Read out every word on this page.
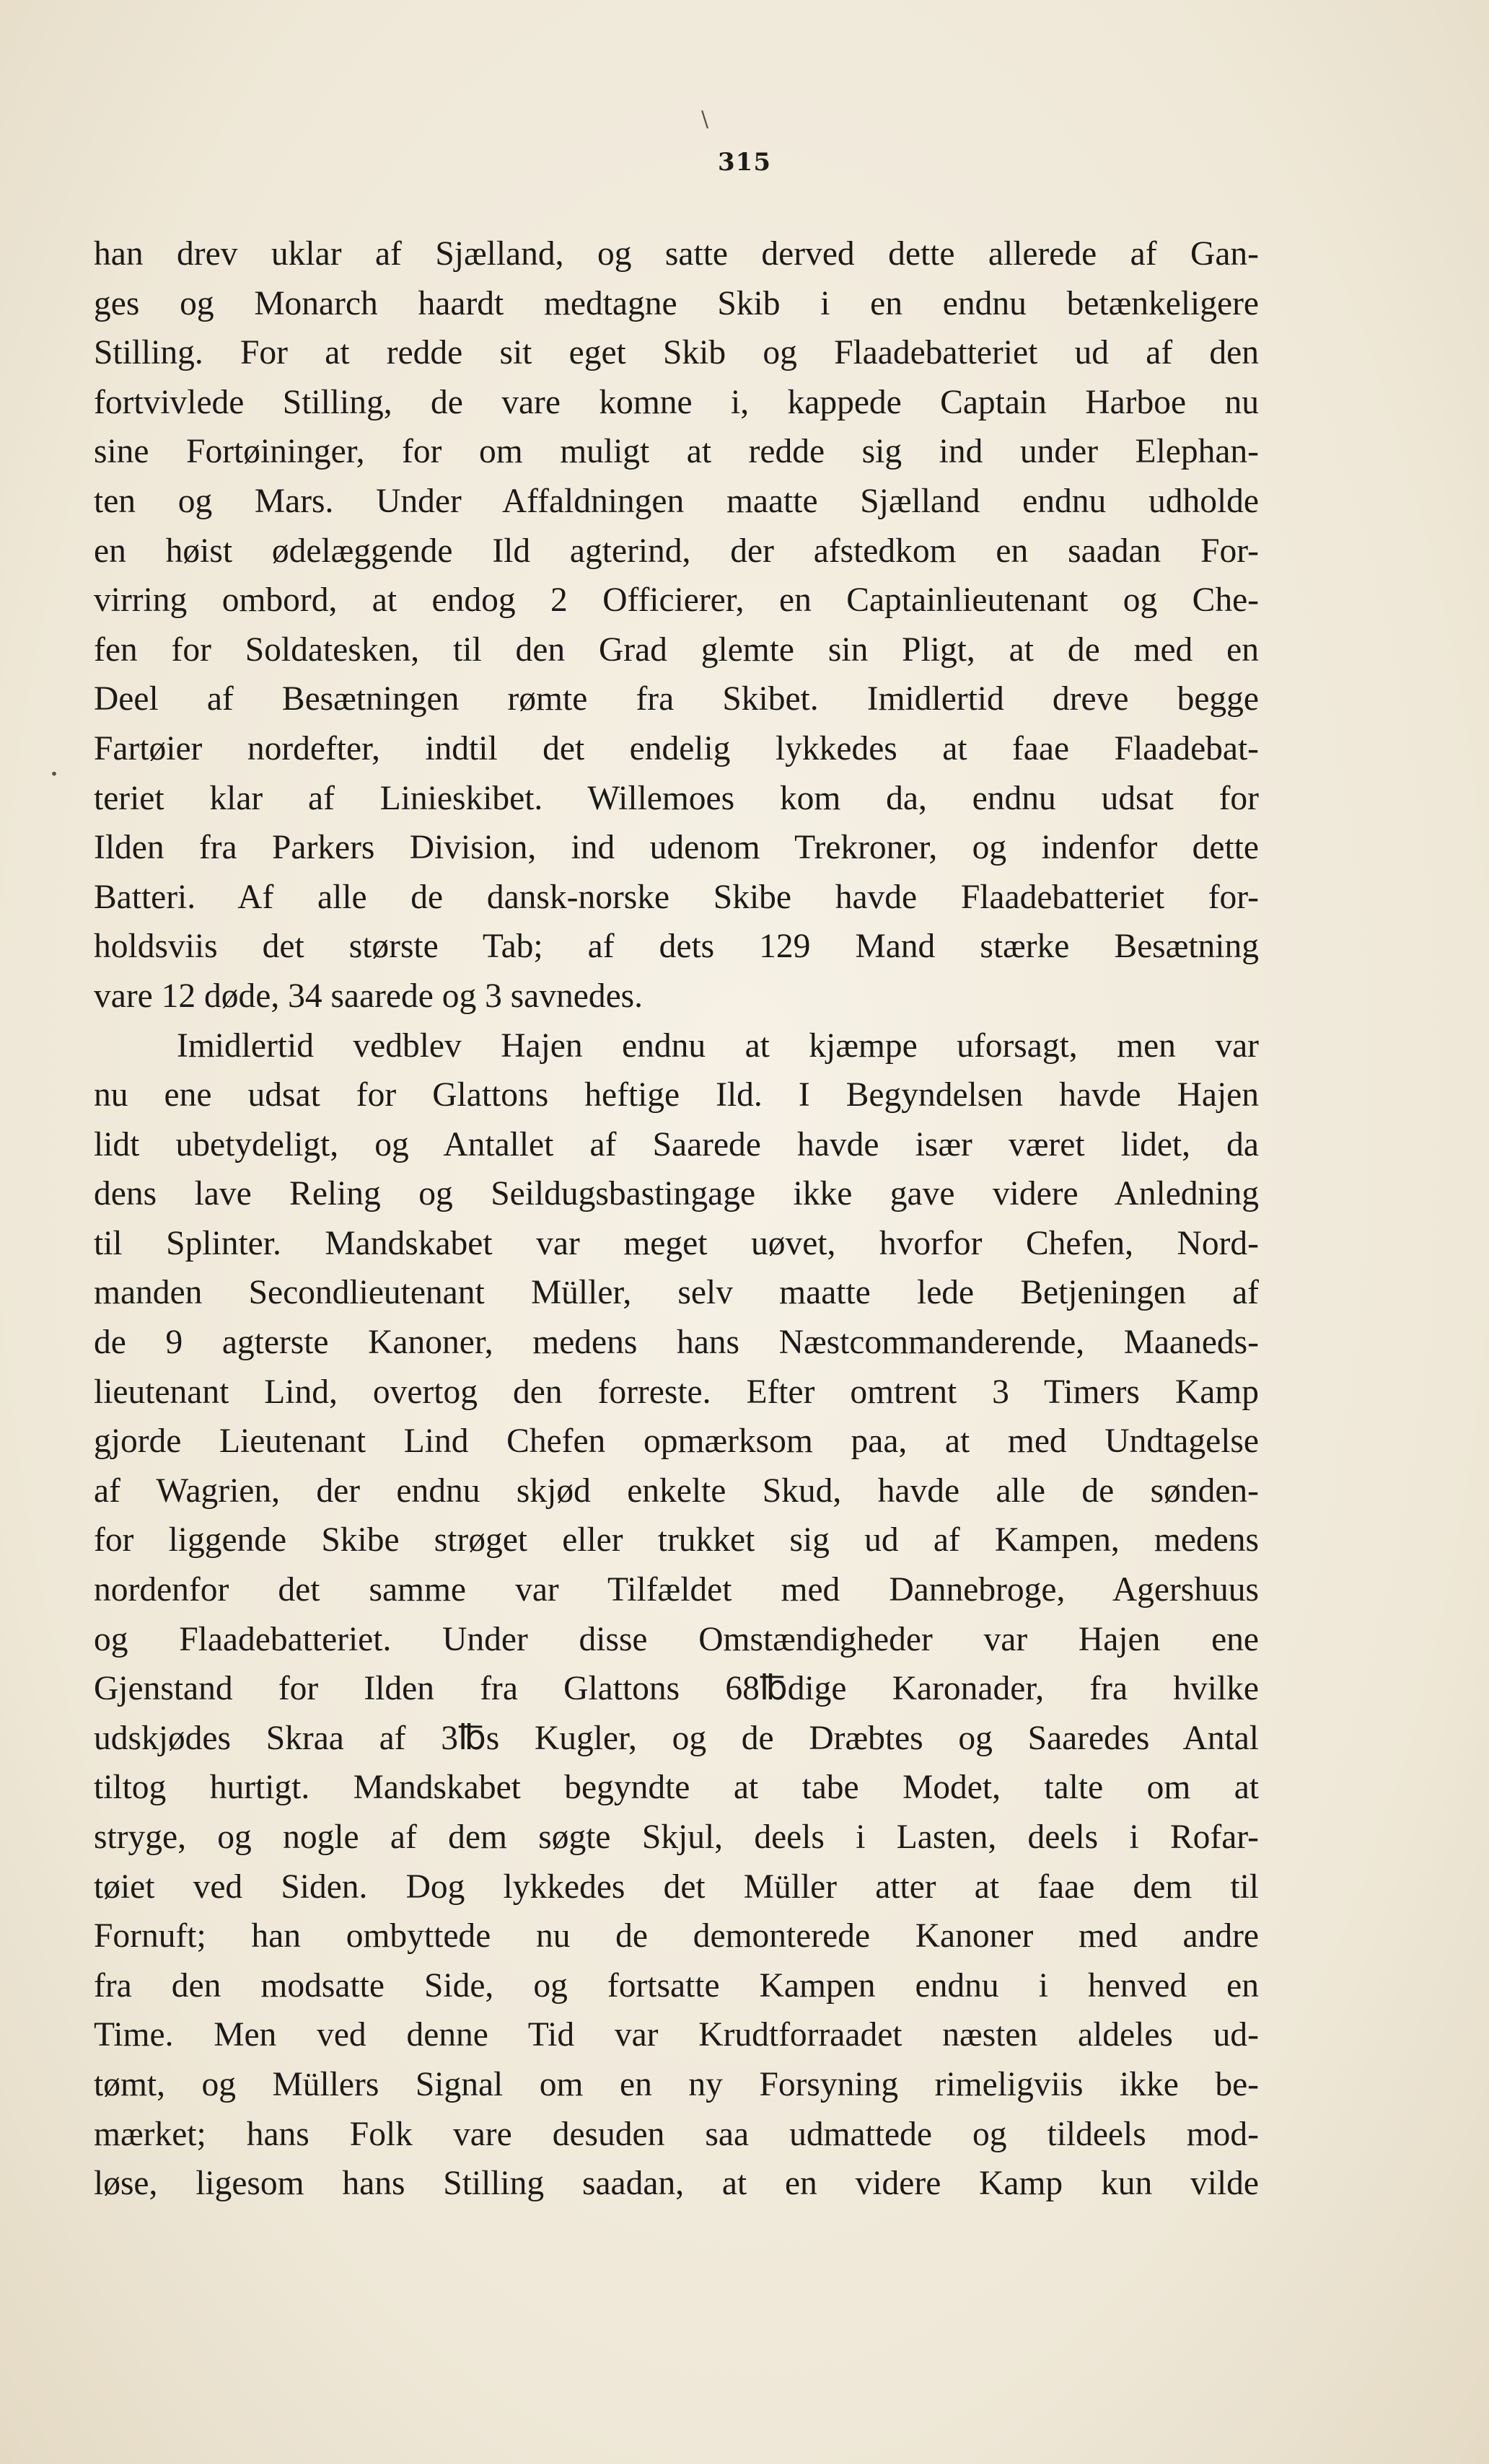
315
\
.
han drev uklar af Sjælland, og satte derved dette allerede af Gan-
ges og Monarch haardt medtagne Skib i en endnu betænkeligere
Stilling. For at redde sit eget Skib og Flaadebatteriet ud af den
fortvivlede Stilling, de vare komne i, kappede Captain Harboe nu
sine Fortøininger, for om muligt at redde sig ind under Elephan-
ten og Mars. Under Affaldningen maatte Sjælland endnu udholde
en høist ødelæggende Ild agterind, der afstedkom en saadan For-
virring ombord, at endog 2 Officierer, en Captainlieutenant og Che-
fen for Soldatesken, til den Grad glemte sin Pligt, at de med en
Deel af Besætningen rømte fra Skibet. Imidlertid dreve begge
Fartøier nordefter, indtil det endelig lykkedes at faae Flaadebat-
teriet klar af Linieskibet. Willemoes kom da, endnu udsat for
Ilden fra Parkers Division, ind udenom Trekroner, og indenfor dette
Batteri. Af alle de dansk-norske Skibe havde Flaadebatteriet for-
holdsviis det største Tab; af dets 129 Mand stærke Besætning
vare 12 døde, 34 saarede og 3 savnedes.
Imidlertid vedblev Hajen endnu at kjæmpe uforsagt, men var
nu ene udsat for Glattons heftige Ild. I Begyndelsen havde Hajen
lidt ubetydeligt, og Antallet af Saarede havde især været lidet, da
dens lave Reling og Seildugsbastingage ikke gave videre Anledning
til Splinter. Mandskabet var meget uøvet, hvorfor Chefen, Nord-
manden Secondlieutenant Müller, selv maatte lede Betjeningen af
de 9 agterste Kanoner, medens hans Næstcommanderende, Maaneds-
lieutenant Lind, overtog den forreste. Efter omtrent 3 Timers Kamp
gjorde Lieutenant Lind Chefen opmærksom paa, at med Undtagelse
af Wagrien, der endnu skjød enkelte Skud, havde alle de sønden-
for liggende Skibe strøget eller trukket sig ud af Kampen, medens
nordenfor det samme var Tilfældet med Dannebroge, Agershuus
og Flaadebatteriet. Under disse Omstændigheder var Hajen ene
Gjenstand for Ilden fra Glattons 68℔dige Karonader, fra hvilke
udskjødes Skraa af 3℔s Kugler, og de Dræbtes og Saaredes Antal
tiltog hurtigt. Mandskabet begyndte at tabe Modet, talte om at
stryge, og nogle af dem søgte Skjul, deels i Lasten, deels i Rofar-
tøiet ved Siden. Dog lykkedes det Müller atter at faae dem til
Fornuft; han ombyttede nu de demonterede Kanoner med andre
fra den modsatte Side, og fortsatte Kampen endnu i henved en
Time. Men ved denne Tid var Krudtforraadet næsten aldeles ud-
tømt, og Müllers Signal om en ny Forsyning rimeligviis ikke be-
mærket; hans Folk vare desuden saa udmattede og tildeels mod-
løse, ligesom hans Stilling saadan, at en videre Kamp kun vilde
